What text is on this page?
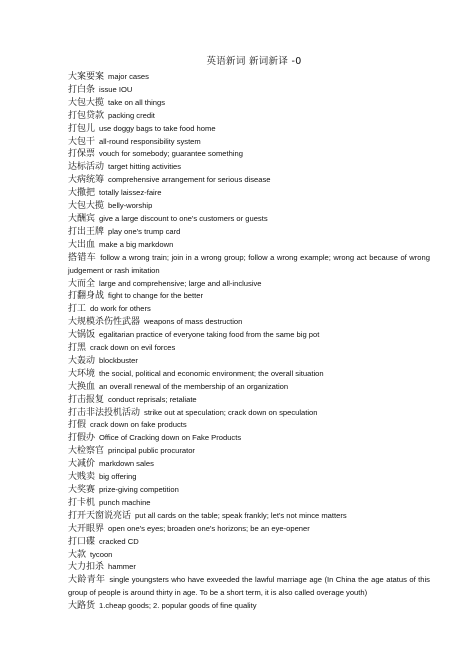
英语新词 新词新译 -0

大案要案 major cases

打白条 issue IOU

大包大揽 take on all things

打包贷款 packing credit

打包儿 use doggy bags to take food home

大包干 all-round responsibility system

打保票 vouch for somebody; guarantee something

达标活动 target hitting activities

大病统筹 comprehensive arrangement for serious disease

大撒把 totally laissez-faire

大包大揽 belly-worship

大酬宾 give a large discount to one's customers or guests

打出王牌 play one's trump card

大出血 make a big markdown

搭错车 follow a wrong train; join in a wrong group; follow a wrong example; wrong act because of wrong judgement or rash imitation

大而全 large and comprehensive; large and all-inclusive

打翻身战 fight to change for the better

打工 do work for others

大规模杀伤性武器 weapons of mass destruction

大锅饭 egalitarian practice of everyone taking food from the same big pot

打黑 crack down on evil forces

大轰动 blockbuster

大环境 the social, political and economic environment; the overall situation

大换血 an overall renewal of the membership of an organization

打击报复 conduct reprisals; retaliate

打击非法投机活动 strike out at speculation; crack down on speculation

打假 crack down on fake products

打假办 Office of Cracking down on Fake Products

大检察官 principal public procurator

大减价 markdown sales

大贱卖 big offering

大奖赛 prize-giving competition

打卡机 punch machine

打开天窗说亮话 put all cards on the table; speak frankly; let's not mince matters

大开眼界 open one's eyes; broaden one's horizons; be an eye-opener

打口碟 cracked CD

大款 tycoon

大力扣杀 hammer

大龄青年 single youngsters who have exveeded the lawful marriage age (In China the age atatus of this group of people is around thirty in age. To be a short term, it is also called overage youth)

大路货 1.cheap goods; 2. popular goods of fine quality
